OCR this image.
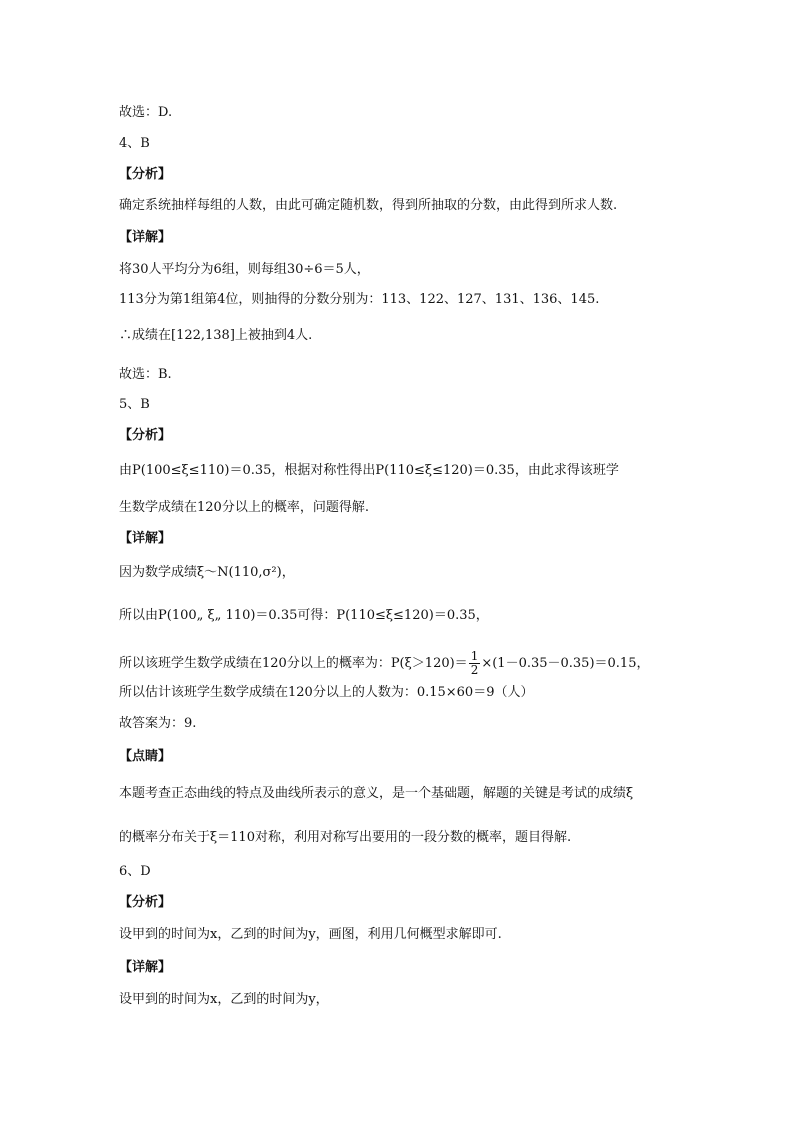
故选：D.
4、B
【分析】
确定系统抽样每组的人数，由此可确定随机数，得到所抽取的分数，由此得到所求人数.
【详解】
将30人平均分为6组，则每组30÷6＝5人，
113分为第1组第4位，则抽得的分数分别为：113、122、127、131、136、145.
∴成绩在[122,138]上被抽到4人.
故选：B.
5、B
【分析】
由P(100≤ξ≤110)＝0.35，根据对称性得出P(110≤ξ≤120)＝0.35，由此求得该班学
生数学成绩在120分以上的概率，问题得解.
【详解】
因为数学成绩ξ～N(110,σ²)，
所以由P(100„ ξ„ 110)＝0.35可得：P(110≤ξ≤120)＝0.35，
所以该班学生数学成绩在120分以上的概率为：$P(\xi>120)= \frac{1}{2} \times(1-0.35-0.35)=0.15$，
所以估计该班学生数学成绩在120分以上的人数为：0.15×60＝9（人）
故答案为：9.
【点睛】
本题考查正态曲线的特点及曲线所表示的意义，是一个基础题，解题的关键是考试的成绩ξ
的概率分布关于ξ＝110对称，利用对称写出要用的一段分数的概率，题目得解.
6、D
【分析】
设甲到的时间为x，乙到的时间为y，画图，利用几何概型求解即可.
【详解】
设甲到的时间为x，乙到的时间为y，
